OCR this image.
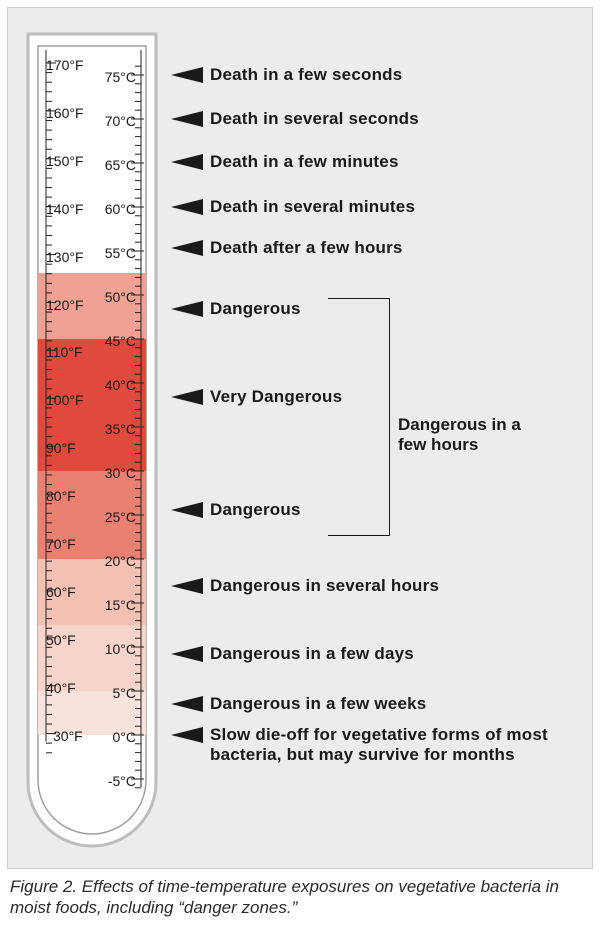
170°F
160°F
150°F
140°F
130°F
120°F
110°F
100°F
90°F
80°F
70°F
60°F
50°F
40°F
30°F
75°C
70°C
65°C
60°C
55°C
50°C
45°C
40°C
35°C
30°C
25°C
20°C
15°C
10°C
5°C
0°C
-5°C
Death in a few seconds
Death in several seconds
Death in a few minutes
Death in several minutes
Death after a few hours
Dangerous
Very Dangerous
Dangerous
Dangerous in several hours
Dangerous in a few days
Dangerous in a few weeks
Slow die-off for vegetative forms of most bacteria, but may survive for months
Dangerous in a few hours
Figure 2. Effects of time-temperature exposures on vegetative bacteria in moist foods, including “danger zones.”
